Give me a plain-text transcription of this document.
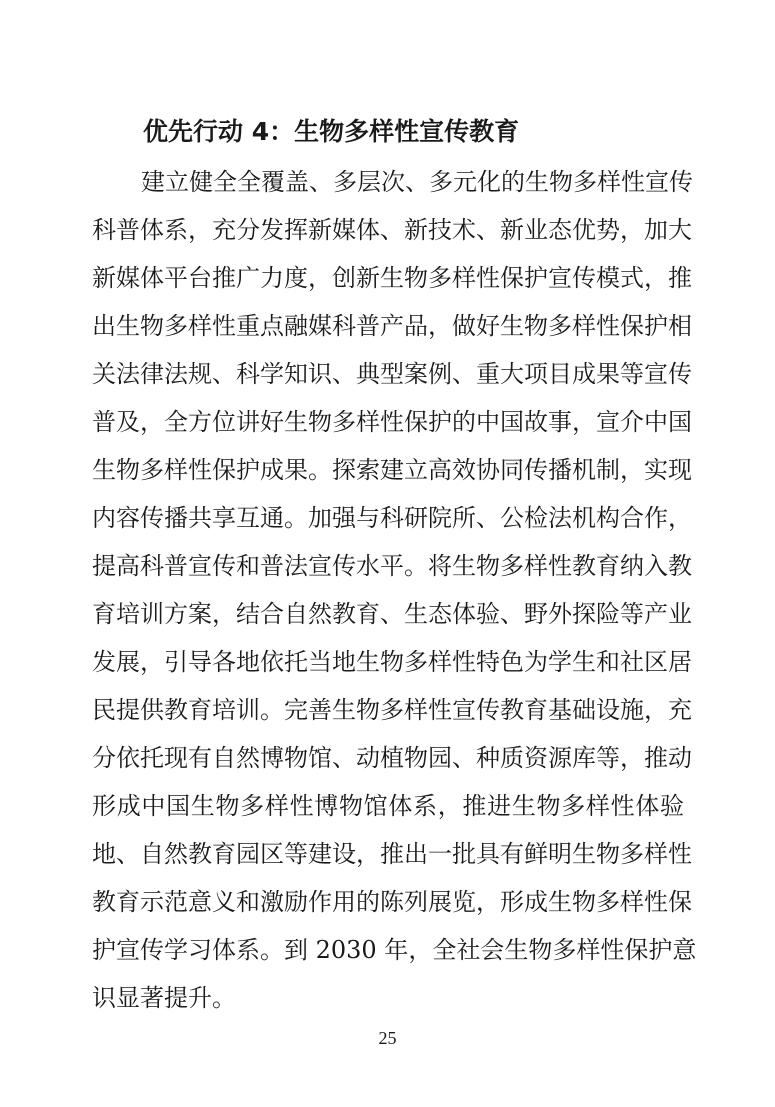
优先行动 4：生物多样性宣传教育
建立健全全覆盖、多层次、多元化的生物多样性宣传
科普体系，充分发挥新媒体、新技术、新业态优势，加大
新媒体平台推广力度，创新生物多样性保护宣传模式，推
出生物多样性重点融媒科普产品，做好生物多样性保护相
关法律法规、科学知识、典型案例、重大项目成果等宣传
普及，全方位讲好生物多样性保护的中国故事，宣介中国
生物多样性保护成果。探索建立高效协同传播机制，实现
内容传播共享互通。加强与科研院所、公检法机构合作，
提高科普宣传和普法宣传水平。将生物多样性教育纳入教
育培训方案，结合自然教育、生态体验、野外探险等产业
发展，引导各地依托当地生物多样性特色为学生和社区居
民提供教育培训。完善生物多样性宣传教育基础设施，充
分依托现有自然博物馆、动植物园、种质资源库等，推动
形成中国生物多样性博物馆体系，推进生物多样性体验
地、自然教育园区等建设，推出一批具有鲜明生物多样性
教育示范意义和激励作用的陈列展览，形成生物多样性保
护宣传学习体系。到 2030 年，全社会生物多样性保护意
识显著提升。
25
